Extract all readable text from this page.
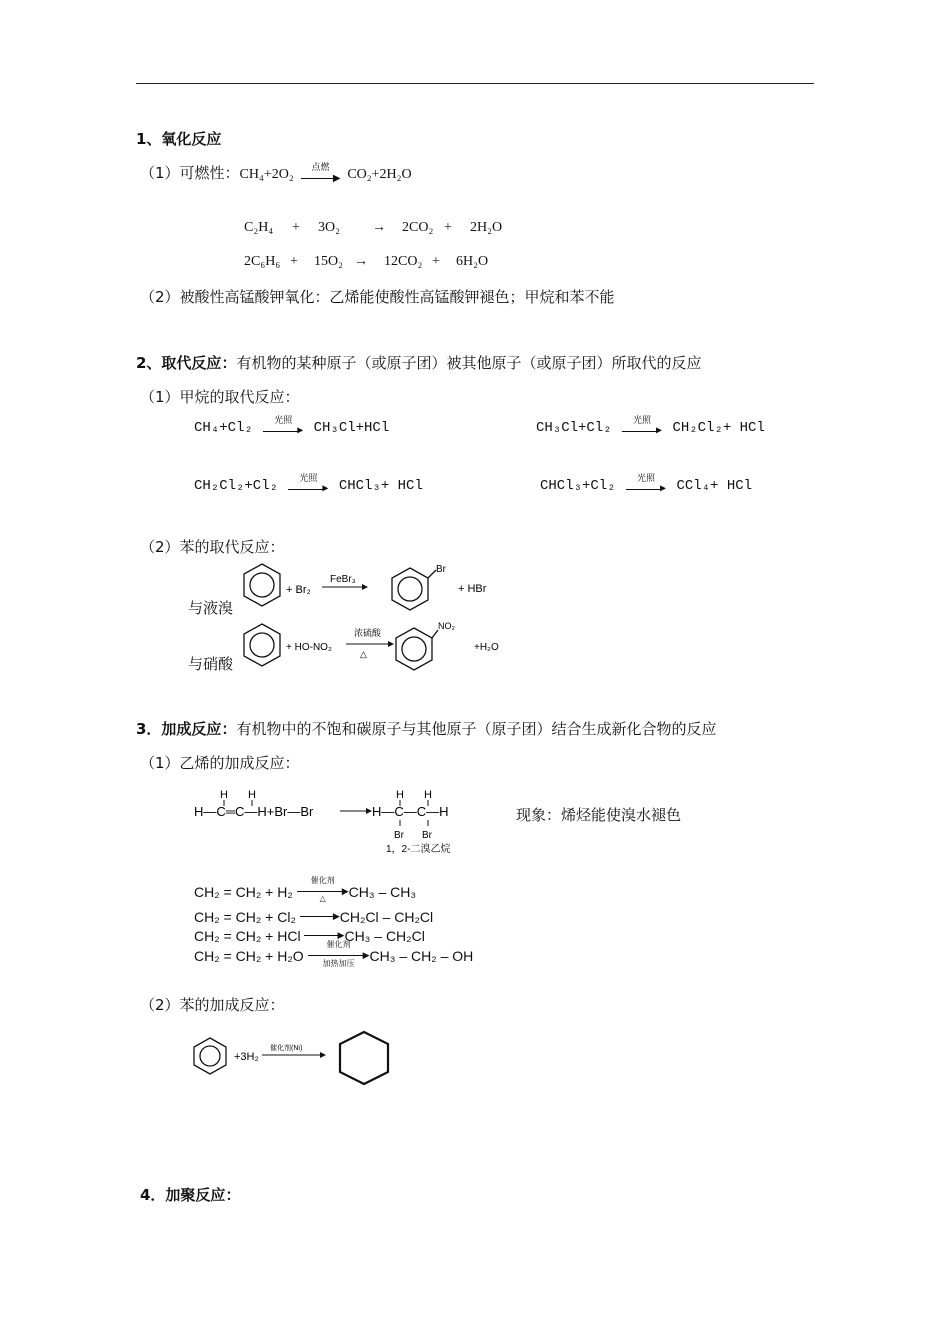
1、氧化反应
（1）可燃性：CH₄+2O₂	点燃
▶ CO₂+2H₂O
C₂H₄ + 3O₂ → 2CO₂ + 2H₂O
2C₆H₆ + 15O₂ → 12CO₂ + 6H₂O
（2）被酸性高锰酸钾氧化：乙烯能使酸性高锰酸钾褪色；甲烷和苯不能
2、取代反应：有机物的某种原子（或原子团）被其他原子（或原子团）所取代的反应
（1）甲烷的取代反应：
CH₄+Cl₂	光照
▶ CH₃Cl+HCl	CH₃Cl+Cl₂	光照
▶ CH₂Cl₂+ HCl
CH₂Cl₂+Cl₂	光照
▶ CHCl₃+ HCl	CHCl₃+Cl₂	光照
▶ CCl₄+ HCl
（2）苯的取代反应：
与液溴
与硝酸
+ Br₂
FeBr₃
Br
+ HBr
+ HO-NO₂
浓硫酸
△
NO₂
+H₂O
3．加成反应：有机物中的不饱和碳原子与其他原子（原子团）结合生成新化合物的反应
（1）乙烯的加成反应：
H—C═C—H+Br—Br
H H
H—C—C—H
H H
Br Br
1，2-二溴乙烷
现象：烯烃能使溴水褪色
CH₂ = CH₂ + H₂
催化剂
▶
△	CH₃ – CH₃
CH₂ = CH₂ + Cl₂	▶ CH₂Cl – CH₂Cl
CH₂ = CH₂ + HCl	▶ CH₃ – CH₂Cl
CH₂ = CH₂ + H₂O
催化剂
▶
加热加压	CH₃ – CH₂ – OH
（2）苯的加成反应：
+3H₂
催化剂(Ni)
4．加聚反应：
